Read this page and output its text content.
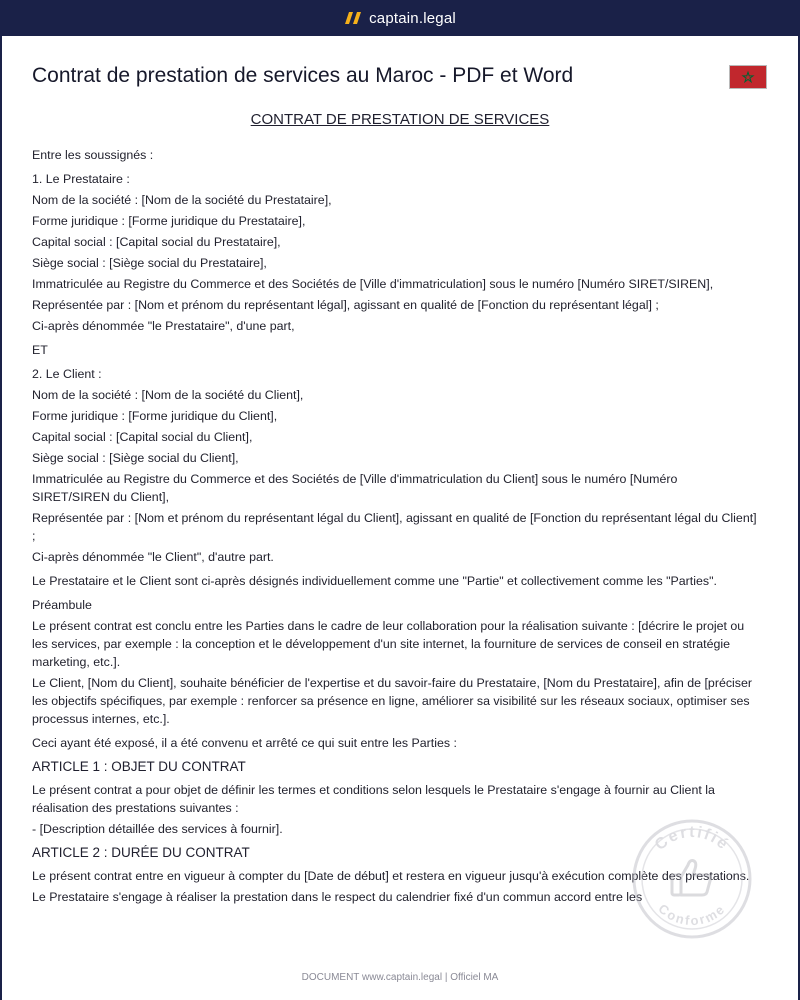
captain.legal
Contrat de prestation de services au Maroc - PDF et Word
CONTRAT DE PRESTATION DE SERVICES

Entre les soussignés :

1. Le Prestataire :

Nom de la société : [Nom de la société du Prestataire],

Forme juridique : [Forme juridique du Prestataire],

Capital social : [Capital social du Prestataire],

Siège social : [Siège social du Prestataire],

Immatriculée au Registre du Commerce et des Sociétés de [Ville d'immatriculation] sous le numéro [Numéro SIRET/SIREN],

Représentée par : [Nom et prénom du représentant légal], agissant en qualité de [Fonction du représentant légal] ;

Ci-après dénommée "le Prestataire", d'une part,

ET

2. Le Client :

Nom de la société : [Nom de la société du Client],

Forme juridique : [Forme juridique du Client],

Capital social : [Capital social du Client],

Siège social : [Siège social du Client],

Immatriculée au Registre du Commerce et des Sociétés de [Ville d'immatriculation du Client] sous le numéro [Numéro SIRET/SIREN du Client],

Représentée par : [Nom et prénom du représentant légal du Client], agissant en qualité de [Fonction du représentant légal du Client] ;

Ci-après dénommée "le Client", d'autre part.

Le Prestataire et le Client sont ci-après désignés individuellement comme une "Partie" et collectivement comme les "Parties".

Préambule

Le présent contrat est conclu entre les Parties dans le cadre de leur collaboration pour la réalisation suivante : [décrire le projet ou les services, par exemple : la conception et le développement d'un site internet, la fourniture de services de conseil en stratégie marketing, etc.].

Le Client, [Nom du Client], souhaite bénéficier de l'expertise et du savoir-faire du Prestataire, [Nom du Prestataire], afin de [préciser les objectifs spécifiques, par exemple : renforcer sa présence en ligne, améliorer sa visibilité sur les réseaux sociaux, optimiser ses processus internes, etc.].

Ceci ayant été exposé, il a été convenu et arrêté ce qui suit entre les Parties :

ARTICLE 1 : OBJET DU CONTRAT

Le présent contrat a pour objet de définir les termes et conditions selon lesquels le Prestataire s'engage à fournir au Client la réalisation des prestations suivantes :

- [Description détaillée des services à fournir].

ARTICLE 2 : DURÉE DU CONTRAT

Le présent contrat entre en vigueur à compter du [Date de début] et restera en vigueur jusqu'à exécution complète des prestations.

Le Prestataire s'engage à réaliser la prestation dans le respect du calendrier fixé d'un commun accord entre les

Certifié
Conforme
DOCUMENT www.captain.legal | Officiel MA
